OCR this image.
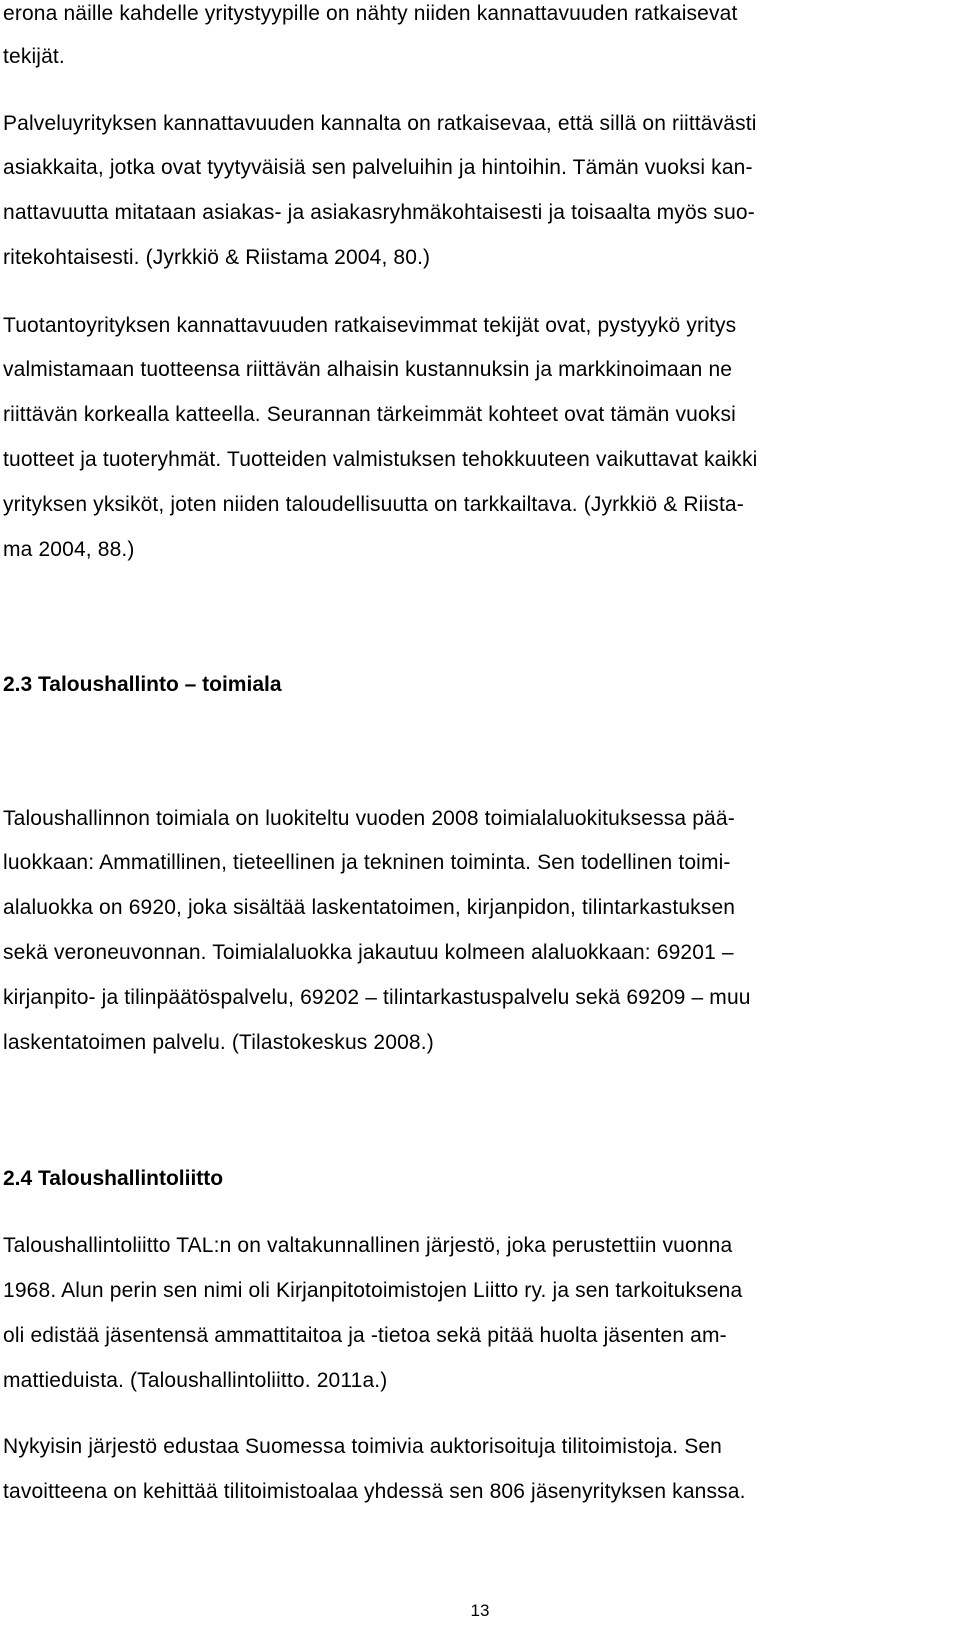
erona näille kahdelle yritystyypille on nähty niiden kannattavuuden ratkaisevat

tekijät.

Palveluyrityksen kannattavuuden kannalta on ratkaisevaa, että sillä on riittävästi

asiakkaita, jotka ovat tyytyväisiä sen palveluihin ja hintoihin. Tämän vuoksi kan-

nattavuutta mitataan asiakas- ja asiakasryhmäkohtaisesti ja toisaalta myös suo-

ritekohtaisesti. (Jyrkkiö & Riistama 2004, 80.)

Tuotantoyrityksen kannattavuuden ratkaisevimmat tekijät ovat, pystyykö yritys

valmistamaan tuotteensa riittävän alhaisin kustannuksin ja markkinoimaan ne

riittävän korkealla katteella. Seurannan tärkeimmät kohteet ovat tämän vuoksi

tuotteet ja tuoteryhmät. Tuotteiden valmistuksen tehokkuuteen vaikuttavat kaikki

yrityksen yksiköt, joten niiden taloudellisuutta on tarkkailtava. (Jyrkkiö & Riista-

ma 2004, 88.)

2.3 Taloushallinto – toimiala

Taloushallinnon toimiala on luokiteltu vuoden 2008 toimialaluokituksessa pää-

luokkaan: Ammatillinen, tieteellinen ja tekninen toiminta. Sen todellinen toimi-

alaluokka on 6920, joka sisältää laskentatoimen, kirjanpidon, tilintarkastuksen

sekä veroneuvonnan. Toimialaluokka jakautuu kolmeen alaluokkaan: 69201 –

kirjanpito- ja tilinpäätöspalvelu, 69202 – tilintarkastuspalvelu sekä 69209 – muu

laskentatoimen palvelu. (Tilastokeskus 2008.)

2.4 Taloushallintoliitto

Taloushallintoliitto TAL:n on valtakunnallinen järjestö, joka perustettiin vuonna

1968. Alun perin sen nimi oli Kirjanpitotoimistojen Liitto ry. ja sen tarkoituksena

oli edistää jäsentensä ammattitaitoa ja -tietoa sekä pitää huolta jäsenten am-

mattieduista. (Taloushallintoliitto. 2011a.)

Nykyisin järjestö edustaa Suomessa toimivia auktorisoituja tilitoimistoja. Sen

tavoitteena on kehittää tilitoimistoalaa yhdessä sen 806 jäsenyrityksen kanssa.

13
